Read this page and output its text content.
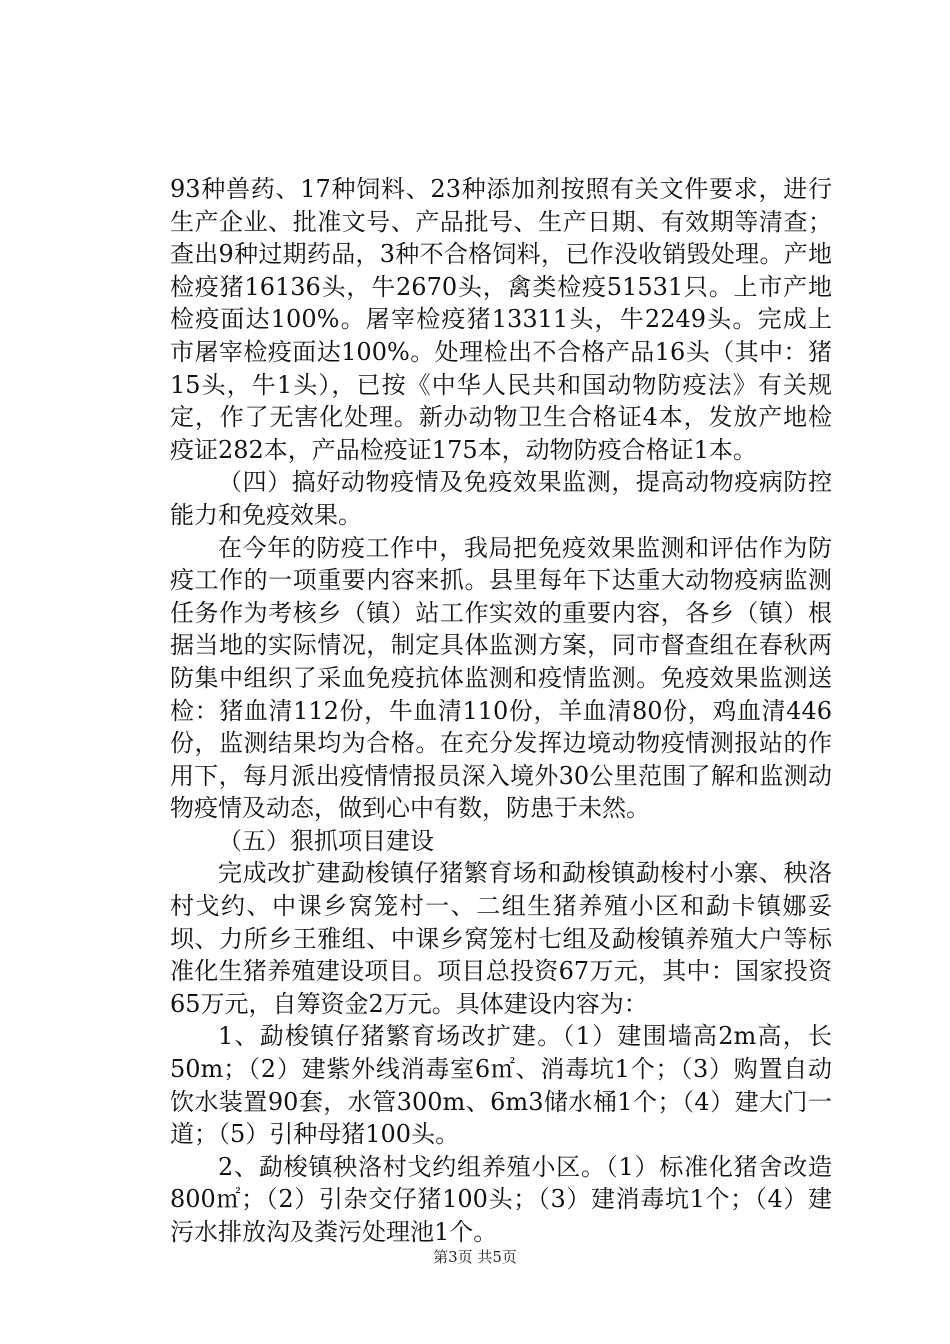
93种兽药、17种饲料、23种添加剂按照有关文件要求，进行生产企业、批准文号、产品批号、生产日期、有效期等清查；查出9种过期药品，3种不合格饲料，已作没收销毁处理。产地检疫猪16136头，牛2670头，禽类检疫51531只。上市产地检疫面达100%。屠宰检疫猪13311头，牛2249头。完成上市屠宰检疫面达100%。处理检出不合格产品16头（其中：猪15头，牛1头），已按《中华人民共和国动物防疫法》有关规定，作了无害化处理。新办动物卫生合格证4本，发放产地检疫证282本，产品检疫证175本，动物防疫合格证1本。

（四）搞好动物疫情及免疫效果监测，提高动物疫病防控能力和免疫效果。

在今年的防疫工作中，我局把免疫效果监测和评估作为防疫工作的一项重要内容来抓。县里每年下达重大动物疫病监测任务作为考核乡（镇）站工作实效的重要内容，各乡（镇）根据当地的实际情况，制定具体监测方案，同市督查组在春秋两防集中组织了采血免疫抗体监测和疫情监测。免疫效果监测送检：猪血清112份，牛血清110份，羊血清80份，鸡血清446份，监测结果均为合格。在充分发挥边境动物疫情测报站的作用下，每月派出疫情情报员深入境外30公里范围了解和监测动物疫情及动态，做到心中有数，防患于未然。

（五）狠抓项目建设

完成改扩建勐梭镇仔猪繁育场和勐梭镇勐梭村小寨、秧洛村戈约、中课乡窝笼村一、二组生猪养殖小区和勐卡镇娜妥坝、力所乡王雅组、中课乡窝笼村七组及勐梭镇养殖大户等标准化生猪养殖建设项目。项目总投资67万元，其中：国家投资65万元，自筹资金2万元。具体建设内容为：

1、勐梭镇仔猪繁育场改扩建。（1）建围墙高2m高，长50m；（2）建紫外线消毒室6㎡、消毒坑1个；（3）购置自动饮水装置90套，水管300m、6m3储水桶1个；（4）建大门一道；（5）引种母猪100头。

2、勐梭镇秧洛村戈约组养殖小区。（1）标准化猪舍改造800㎡；（2）引杂交仔猪100头；（3）建消毒坑1个；（4）建污水排放沟及粪污处理池1个。

第3页 共5页
